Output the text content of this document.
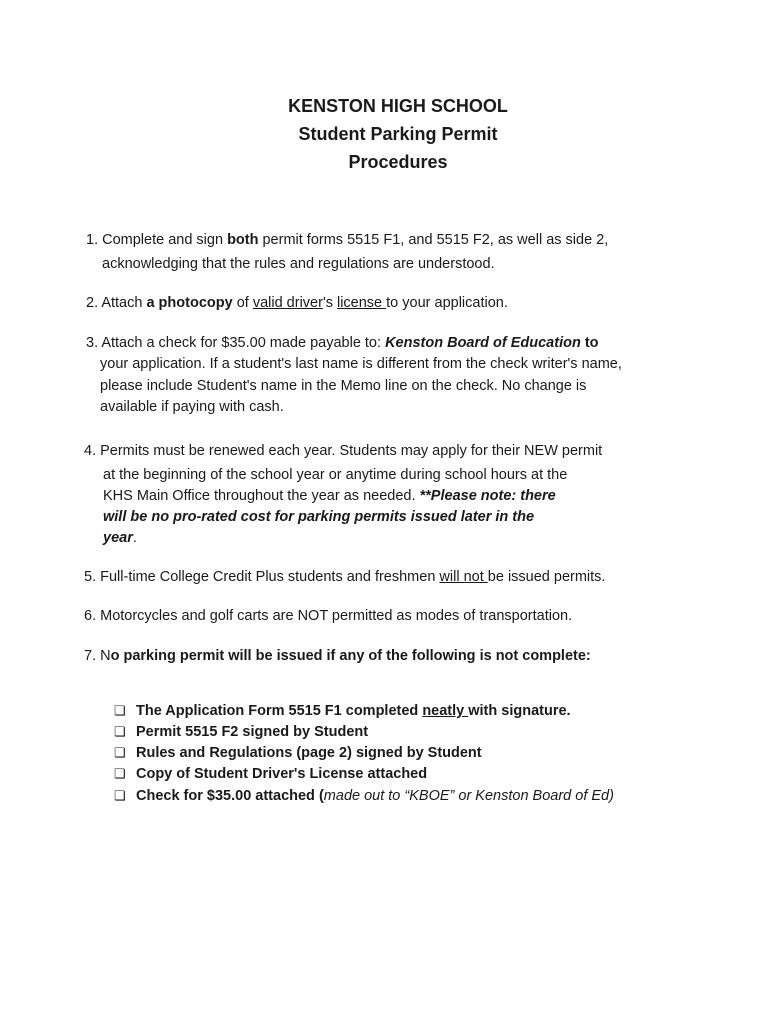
KENSTON HIGH SCHOOL
Student Parking Permit
Procedures

1. Complete and sign both permit forms 5515 F1, and 5515 F2, as well as side 2,

acknowledging that the rules and regulations are understood.

2. Attach a photocopy of valid driver's license to your application.

3. Attach a check for $35.00 made payable to: Kenston Board of Education to

your application. If a student's last name is different from the check writer's name,

please include Student's name in the Memo line on the check. No change is

available if paying with cash.

4. Permits must be renewed each year. Students may apply for their NEW permit

at the beginning of the school year or anytime during school hours at the

KHS Main Office throughout the year as needed. **Please note: there

will be no pro-rated cost for parking permits issued later in the

year.

5. Full-time College Credit Plus students and freshmen will not be issued permits.

6. Motorcycles and golf carts are NOT permitted as modes of transportation.

7. No parking permit will be issued if any of the following is not complete:

❏ The Application Form 5515 F1 completed neatly with signature.

❏ Permit 5515 F2 signed by Student

❏ Rules and Regulations (page 2) signed by Student

❏ Copy of Student Driver's License attached

❏ Check for $35.00 attached (made out to “KBOE” or Kenston Board of Ed)
